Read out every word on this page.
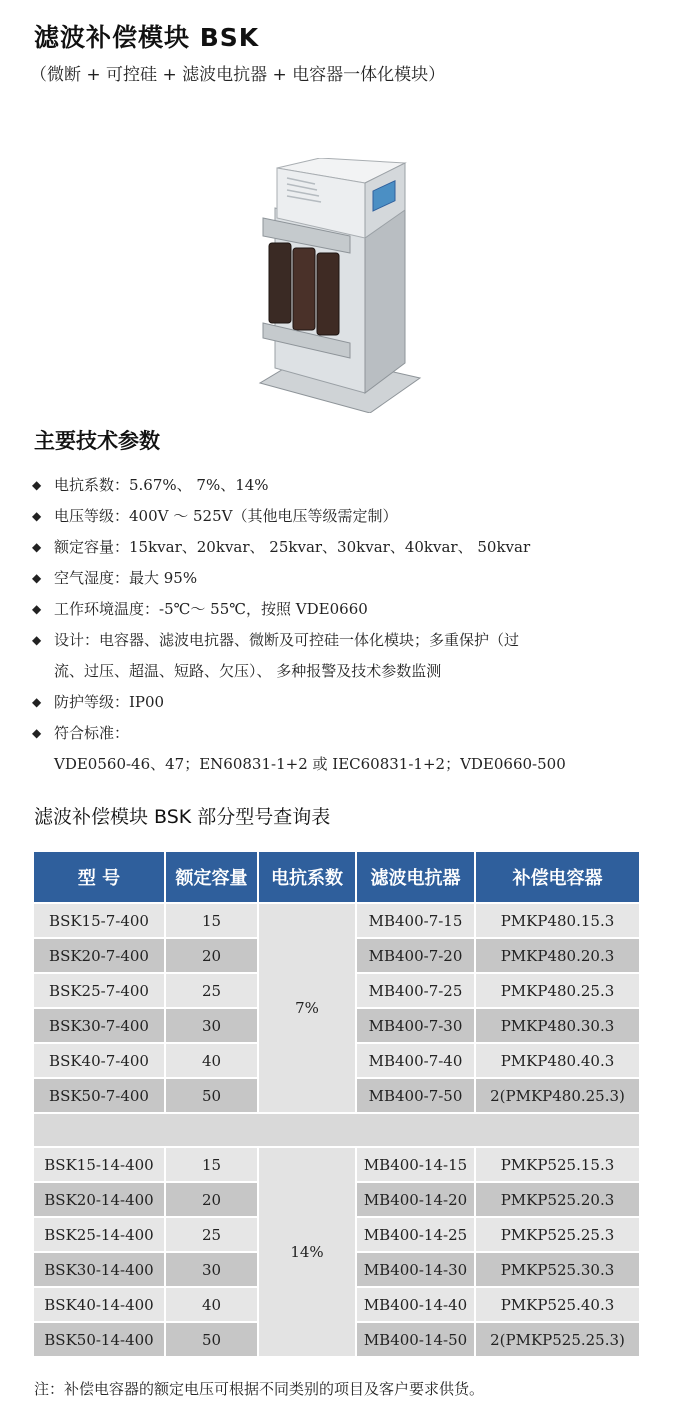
滤波补偿模块 BSK
（微断 + 可控硅 + 滤波电抗器 + 电容器一体化模块）
主要技术参数
◆ 电抗系数：5.67%、 7%、14%
◆ 电压等级：400V ～ 525V（其他电压等级需定制）
◆ 额定容量：15kvar、20kvar、 25kvar、30kvar、40kvar、 50kvar
◆ 空气湿度：最大 95%
◆ 工作环境温度：-5℃～ 55℃，按照 VDE0660
◆ 设计：电容器、滤波电抗器、微断及可控硅一体化模块；多重保护（过
流、过压、超温、短路、欠压）、 多种报警及技术参数监测
◆ 防护等级：IP00
◆ 符合标准：
VDE0560-46、47；EN60831-1+2 或 IEC60831-1+2；VDE0660-500
滤波补偿模块 BSK 部分型号查询表
型 号	额定容量	电抗系数	滤波电抗器	补偿电容器
BSK15-7-400	15	7%	MB400-7-15	PMKP480.15.3
BSK20-7-400	20		MB400-7-20	PMKP480.20.3
BSK25-7-400	25		MB400-7-25	PMKP480.25.3
BSK30-7-400	30		MB400-7-30	PMKP480.30.3
BSK40-7-400	40		MB400-7-40	PMKP480.40.3
BSK50-7-400	50		MB400-7-50	2(PMKP480.25.3)

BSK15-14-400	15	14%	MB400-14-15	PMKP525.15.3
BSK20-14-400	20		MB400-14-20	PMKP525.20.3
BSK25-14-400	25		MB400-14-25	PMKP525.25.3
BSK30-14-400	30		MB400-14-30	PMKP525.30.3
BSK40-14-400	40		MB400-14-40	PMKP525.40.3
BSK50-14-400	50		MB400-14-50	2(PMKP525.25.3)
注：补偿电容器的额定电压可根据不同类别的项目及客户要求供货。
